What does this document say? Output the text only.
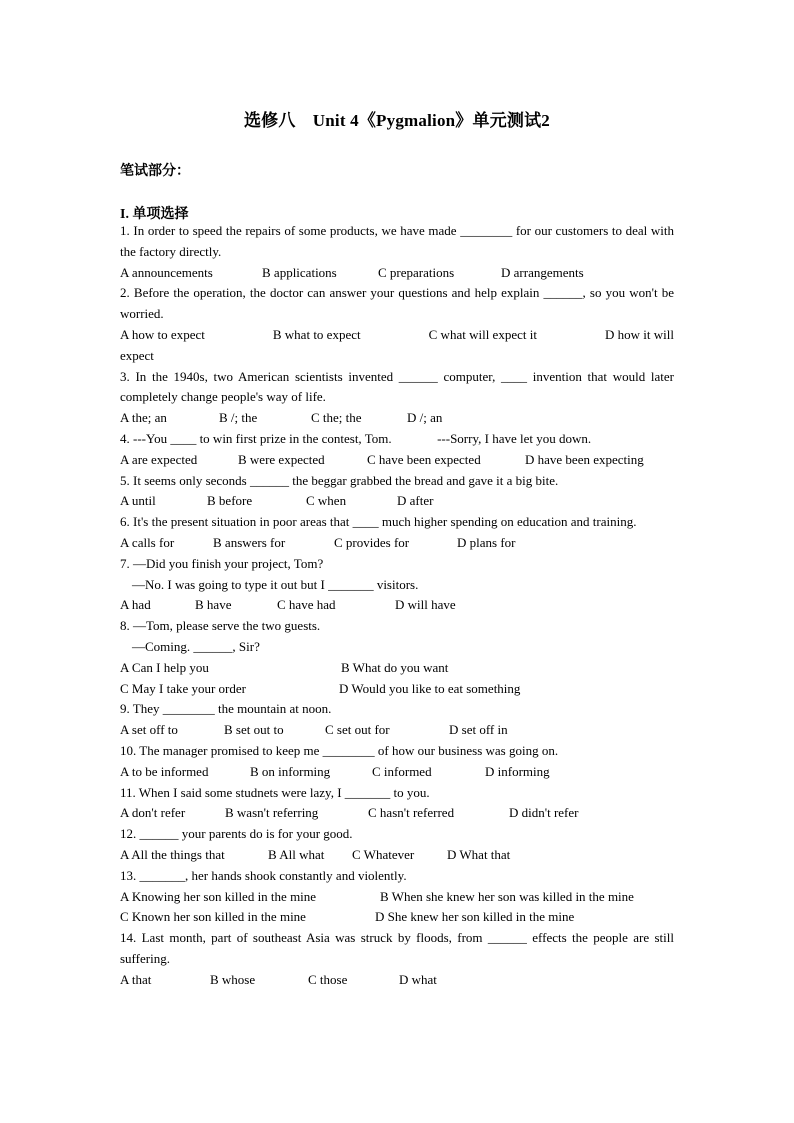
选修八　Unit 4《Pygmalion》单元测试2
笔试部分：
I. 单项选择
1. In order to speed the repairs of some products, we have made ________ for our customers to deal with the factory directly.
A announcements	B applications	C preparations	D arrangements
2. Before the operation, the doctor can answer your questions and help explain ______, so you won't be worried.
A how to expect	B what to expect	C what will expect it	D how it will
expect
3. In the 1940s, two American scientists invented ______ computer, ____ invention that would later completely change people's way of life.
A the; an	B /; the	C the; the	D /; an
4. ---You ____ to win first prize in the contest, Tom.              ---Sorry, I have let you down.
A are expected	B were expected	C have been expected	D have been expecting
5. It seems only seconds ______ the beggar grabbed the bread and gave it a big bite.
A until	B before	C when	D after
6. It's the present situation in poor areas that ____ much higher spending on education and training.
A calls for	B answers for	C provides for	D plans for
7. —Did you finish your project, Tom?
—No. I was going to type it out but I _______ visitors.
A had	B have	C have had	D will have
8. —Tom, please serve the two guests.
—Coming. ______, Sir?
A Can I help you	B What do you want
C May I take your order	D Would you like to eat something
9. They ________ the mountain at noon.
A set off to	B set out to	C set out for	D set off in
10. The manager promised to keep me ________ of how our business was going on.
A to be informed	B on informing	C informed	D informing
11. When I said some studnets were lazy, I _______ to you.
A don't refer	B wasn't referring	C hasn't referred	D didn't refer
12. ______ your parents do is for your good.
A All the things that	B All what C Whatever	D What that
13. _______, her hands shook constantly and violently.
A Knowing her son killed in the mine	B When she knew her son was killed in the mine
C Known her son killed in the mine	D She knew her son killed in the mine
14. Last month, part of southeast Asia was struck by floods, from ______ effects the people are still suffering.
A that	B whose	C those	D what
